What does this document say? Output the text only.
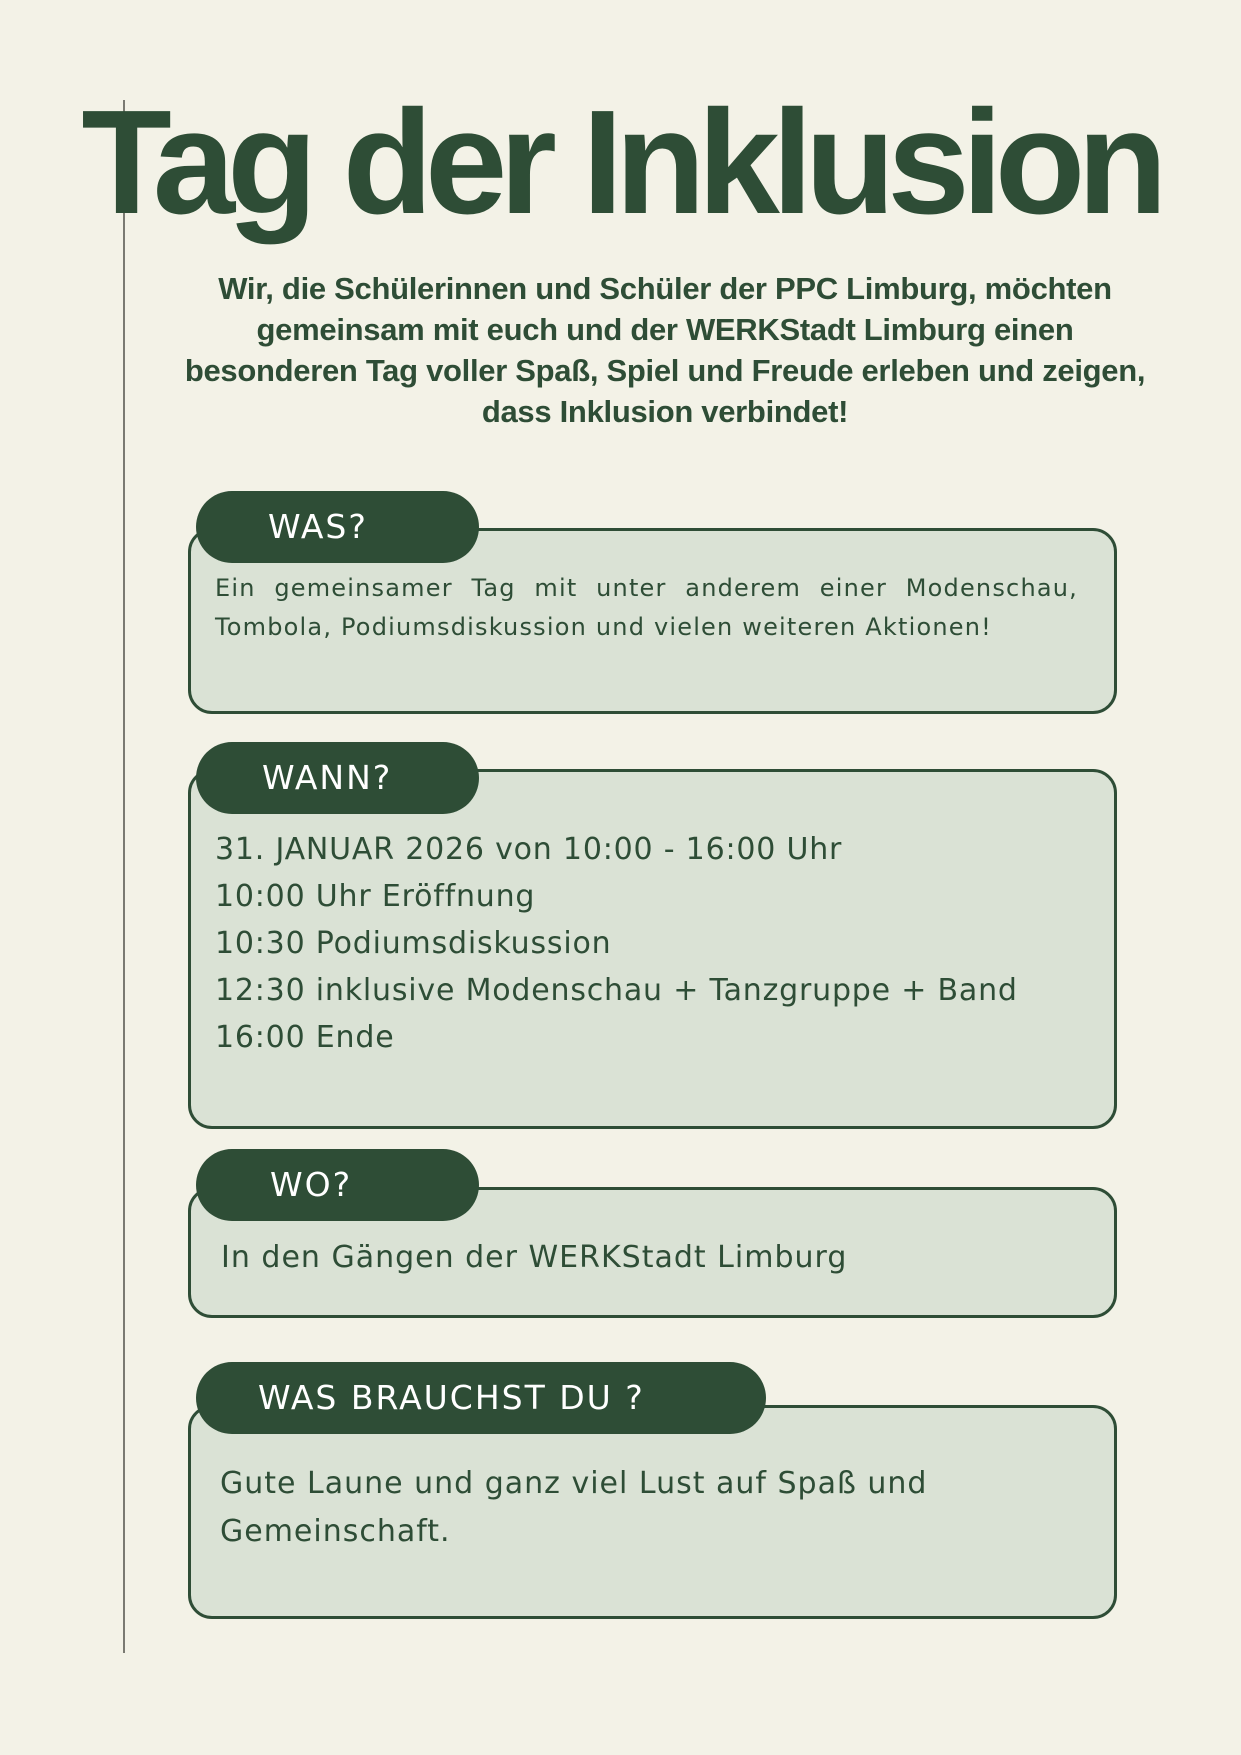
Tag der Inklusion

Wir, die Schülerinnen und Schüler der PPC Limburg, möchten gemeinsam mit euch und der WERKStadt Limburg einen besonderen Tag voller Spaß, Spiel und Freude erleben und zeigen, dass Inklusion verbindet!

Ein gemeinsamer Tag mit unter anderem einer Modenschau, Tombola, Podiumsdiskussion und vielen weiteren Aktionen!

WAS?
31. JANUAR 2026 von 10:00 - 16:00 Uhr
10:00 Uhr Eröffnung
10:30 Podiumsdiskussion
12:30 inklusive Modenschau + Tanzgruppe + Band
16:00 Ende
WANN?

In den Gängen der WERKStadt Limburg

WO?

Gute Laune und ganz viel Lust auf Spaß und Gemeinschaft.

WAS BRAUCHST DU ?
